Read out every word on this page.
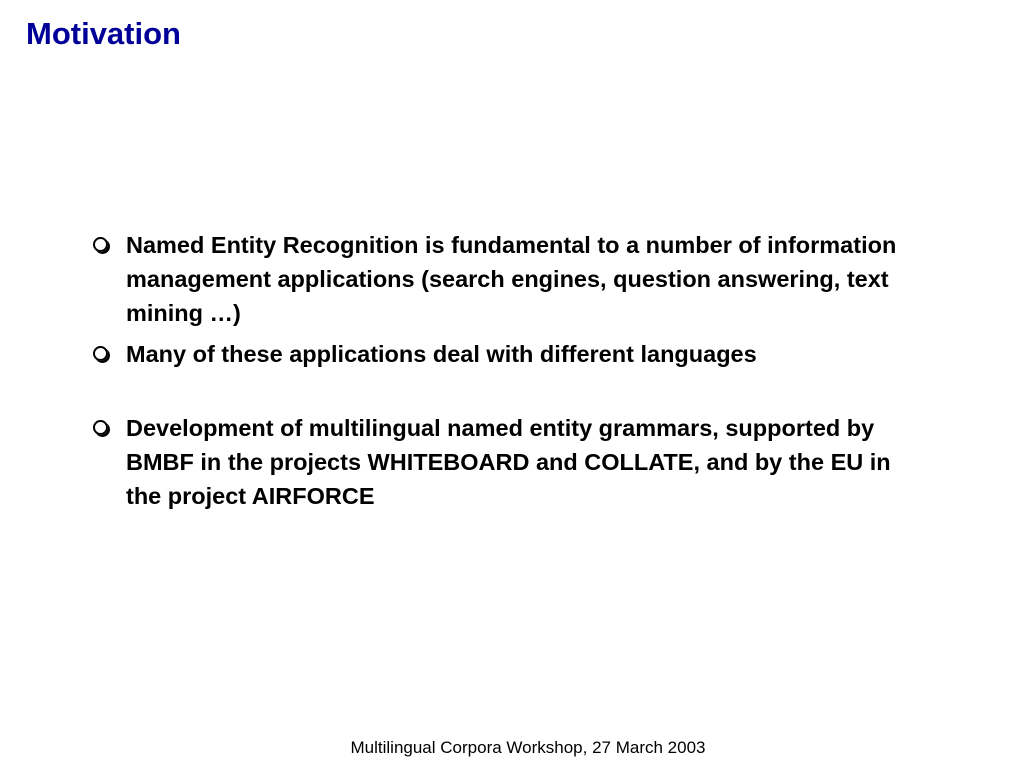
Motivation
Named Entity Recognition is fundamental to a number of information management applications (search engines, question answering, text mining …)
Many of these applications deal with different languages
Development of multilingual named entity grammars, supported by BMBF in the projects WHITEBOARD and COLLATE, and by the EU in the project AIRFORCE
Multilingual Corpora Workshop, 27 March 2003
